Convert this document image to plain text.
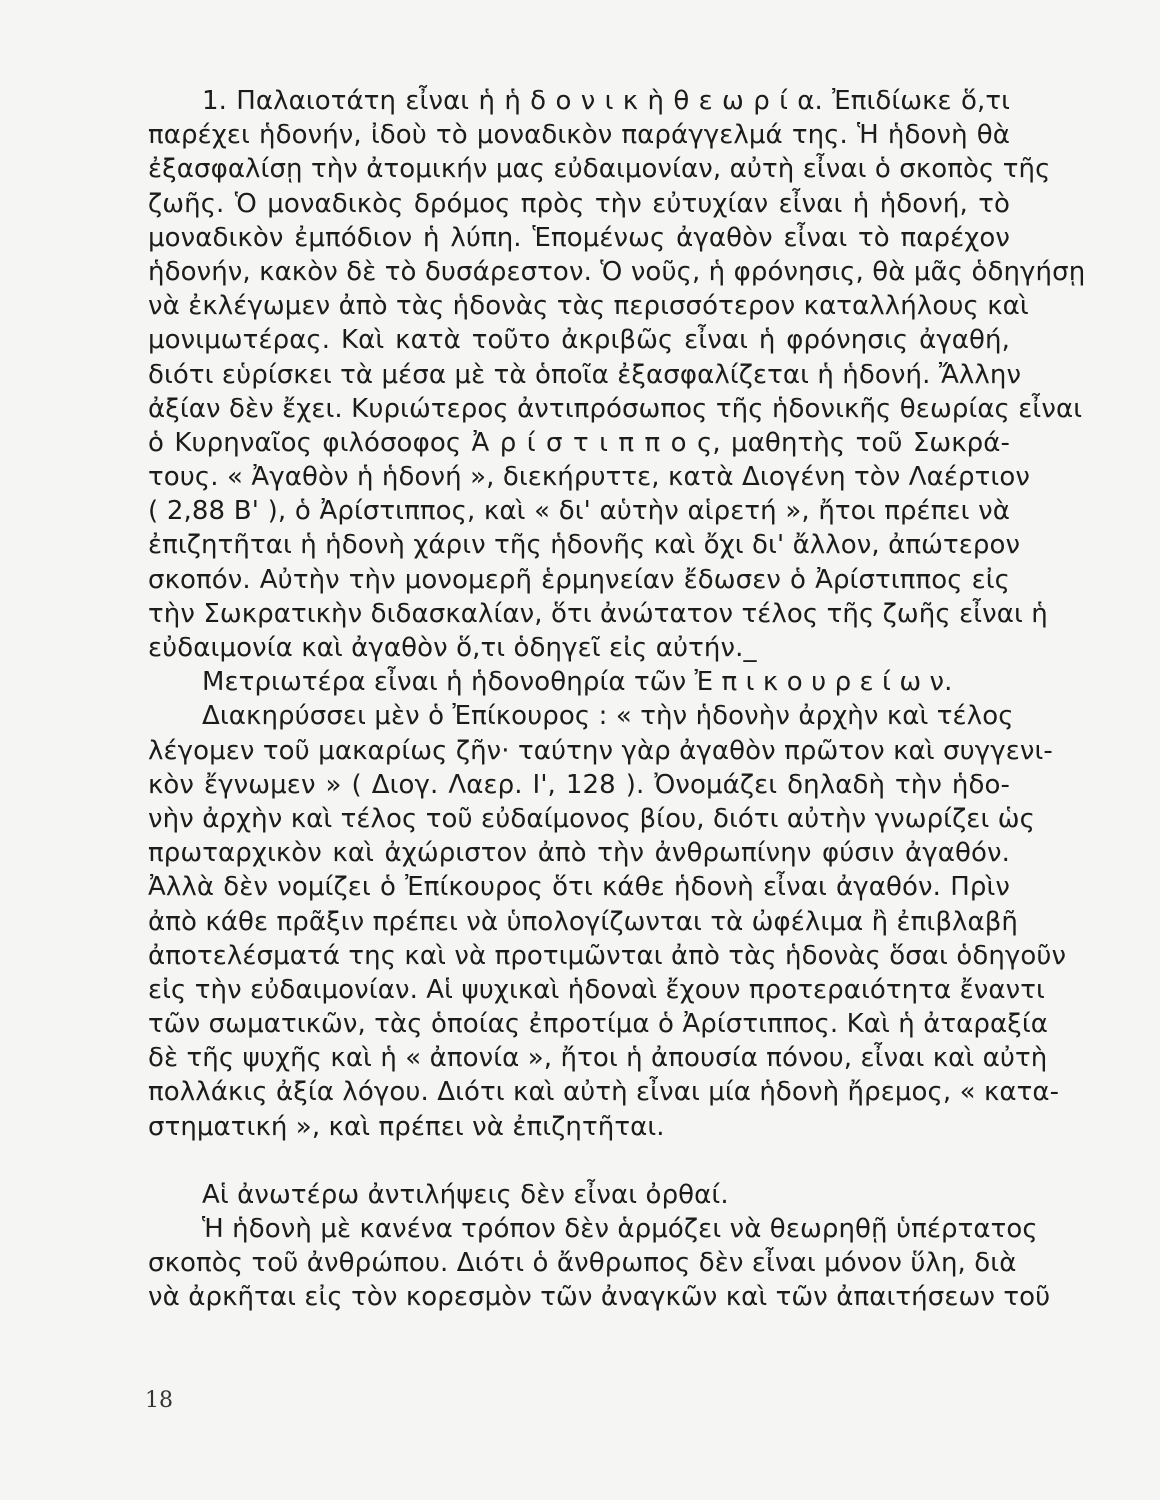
1. Παλαιοτάτη εἶναι ἡ ἡ δ ο ν ι κ ὴ θ ε ω ρ ί α. Ἐπιδίωκε ὅ,τι
παρέχει ἡδονήν, ἰδοὺ τὸ μοναδικὸν παράγγελμά της. Ἡ ἡδονὴ θὰ
ἐξασφαλίσῃ τὴν ἀτομικήν μας εὐδαιμονίαν, αὐτὴ εἶναι ὁ σκοπὸς τῆς
ζωῆς. Ὁ μοναδικὸς δρόμος πρὸς τὴν εὐτυχίαν εἶναι ἡ ἡδονή, τὸ
μοναδικὸν ἐμπόδιον ἡ λύπη. Ἑπομένως ἀγαθὸν εἶναι τὸ παρέχον
ἡδονήν, κακὸν δὲ τὸ δυσάρεστον. Ὁ νοῦς, ἡ φρόνησις, θὰ μᾶς ὁδηγήσῃ
νὰ ἐκλέγωμεν ἀπὸ τὰς ἡδονὰς τὰς περισσότερον καταλλήλους καὶ
μονιμωτέρας. Καὶ κατὰ τοῦτο ἀκριβῶς εἶναι ἡ φρόνησις ἀγαθή,
διότι εὑρίσκει τὰ μέσα μὲ τὰ ὁποῖα ἐξασφαλίζεται ἡ ἡδονή. Ἄλλην
ἀξίαν δὲν ἔχει. Κυριώτερος ἀντιπρόσωπος τῆς ἡδονικῆς θεωρίας εἶναι
ὁ Κυρηναῖος φιλόσοφος Ἀ ρ ί σ τ ι π π ο ς, μαθητὴς τοῦ Σωκρά-
τους. « Ἀγαθὸν ἡ ἡδονή », διεκήρυττε, κατὰ Διογένη τὸν Λαέρτιον
( 2,88 Β' ), ὁ Ἀρίστιππος, καὶ « δι' αὑτὴν αἱρετή », ἤτοι πρέπει νὰ
ἐπιζητῆται ἡ ἡδονὴ χάριν τῆς ἡδονῆς καὶ ὄχι δι' ἄλλον, ἀπώτερον
σκοπόν. Αὐτὴν τὴν μονομερῆ ἑρμηνείαν ἔδωσεν ὁ Ἀρίστιππος εἰς
τὴν Σωκρατικὴν διδασκαλίαν, ὅτι ἀνώτατον τέλος τῆς ζωῆς εἶναι ἡ
εὐδαιμονία καὶ ἀγαθὸν ὅ,τι ὁδηγεῖ εἰς αὐτήν._
Μετριωτέρα εἶναι ἡ ἡδονοθηρία τῶν Ἐ π ι κ ο υ ρ ε ί ω ν.
Διακηρύσσει μὲν ὁ Ἐπίκουρος : « τὴν ἡδονὴν ἀρχὴν καὶ τέλος
λέγομεν τοῦ μακαρίως ζῆν· ταύτην γὰρ ἀγαθὸν πρῶτον καὶ συγγενι-
κὸν ἔγνωμεν » ( Διογ. Λαερ. Ι', 128 ). Ὀνομάζει δηλαδὴ τὴν ἡδο-
νὴν ἀρχὴν καὶ τέλος τοῦ εὐδαίμονος βίου, διότι αὐτὴν γνωρίζει ὡς
πρωταρχικὸν καὶ ἀχώριστον ἀπὸ τὴν ἀνθρωπίνην φύσιν ἀγαθόν.
Ἀλλὰ δὲν νομίζει ὁ Ἐπίκουρος ὅτι κάθε ἡδονὴ εἶναι ἀγαθόν. Πρὶν
ἀπὸ κάθε πρᾶξιν πρέπει νὰ ὑπολογίζωνται τὰ ὠφέλιμα ἢ ἐπιβλαβῆ
ἀποτελέσματά της καὶ νὰ προτιμῶνται ἀπὸ τὰς ἡδονὰς ὅσαι ὁδηγοῦν
εἰς τὴν εὐδαιμονίαν. Αἱ ψυχικαὶ ἡδοναὶ ἔχουν προτεραιότητα ἔναντι
τῶν σωματικῶν, τὰς ὁποίας ἐπροτίμα ὁ Ἀρίστιππος. Καὶ ἡ ἀταραξία
δὲ τῆς ψυχῆς καὶ ἡ « ἀπονία », ἤτοι ἡ ἀπουσία πόνου, εἶναι καὶ αὐτὴ
πολλάκις ἀξία λόγου. Διότι καὶ αὐτὴ εἶναι μία ἡδονὴ ἤρεμος, « κατα-
στηματική », καὶ πρέπει νὰ ἐπιζητῆται.
Αἱ ἀνωτέρω ἀντιλήψεις δὲν εἶναι ὀρθαί.
Ἡ ἡδονὴ μὲ κανένα τρόπον δὲν ἁρμόζει νὰ θεωρηθῇ ὑπέρτατος
σκοπὸς τοῦ ἀνθρώπου. Διότι ὁ ἄνθρωπος δὲν εἶναι μόνον ὕλη, διὰ
νὰ ἀρκῆται εἰς τὸν κορεσμὸν τῶν ἀναγκῶν καὶ τῶν ἀπαιτήσεων τοῦ
18
